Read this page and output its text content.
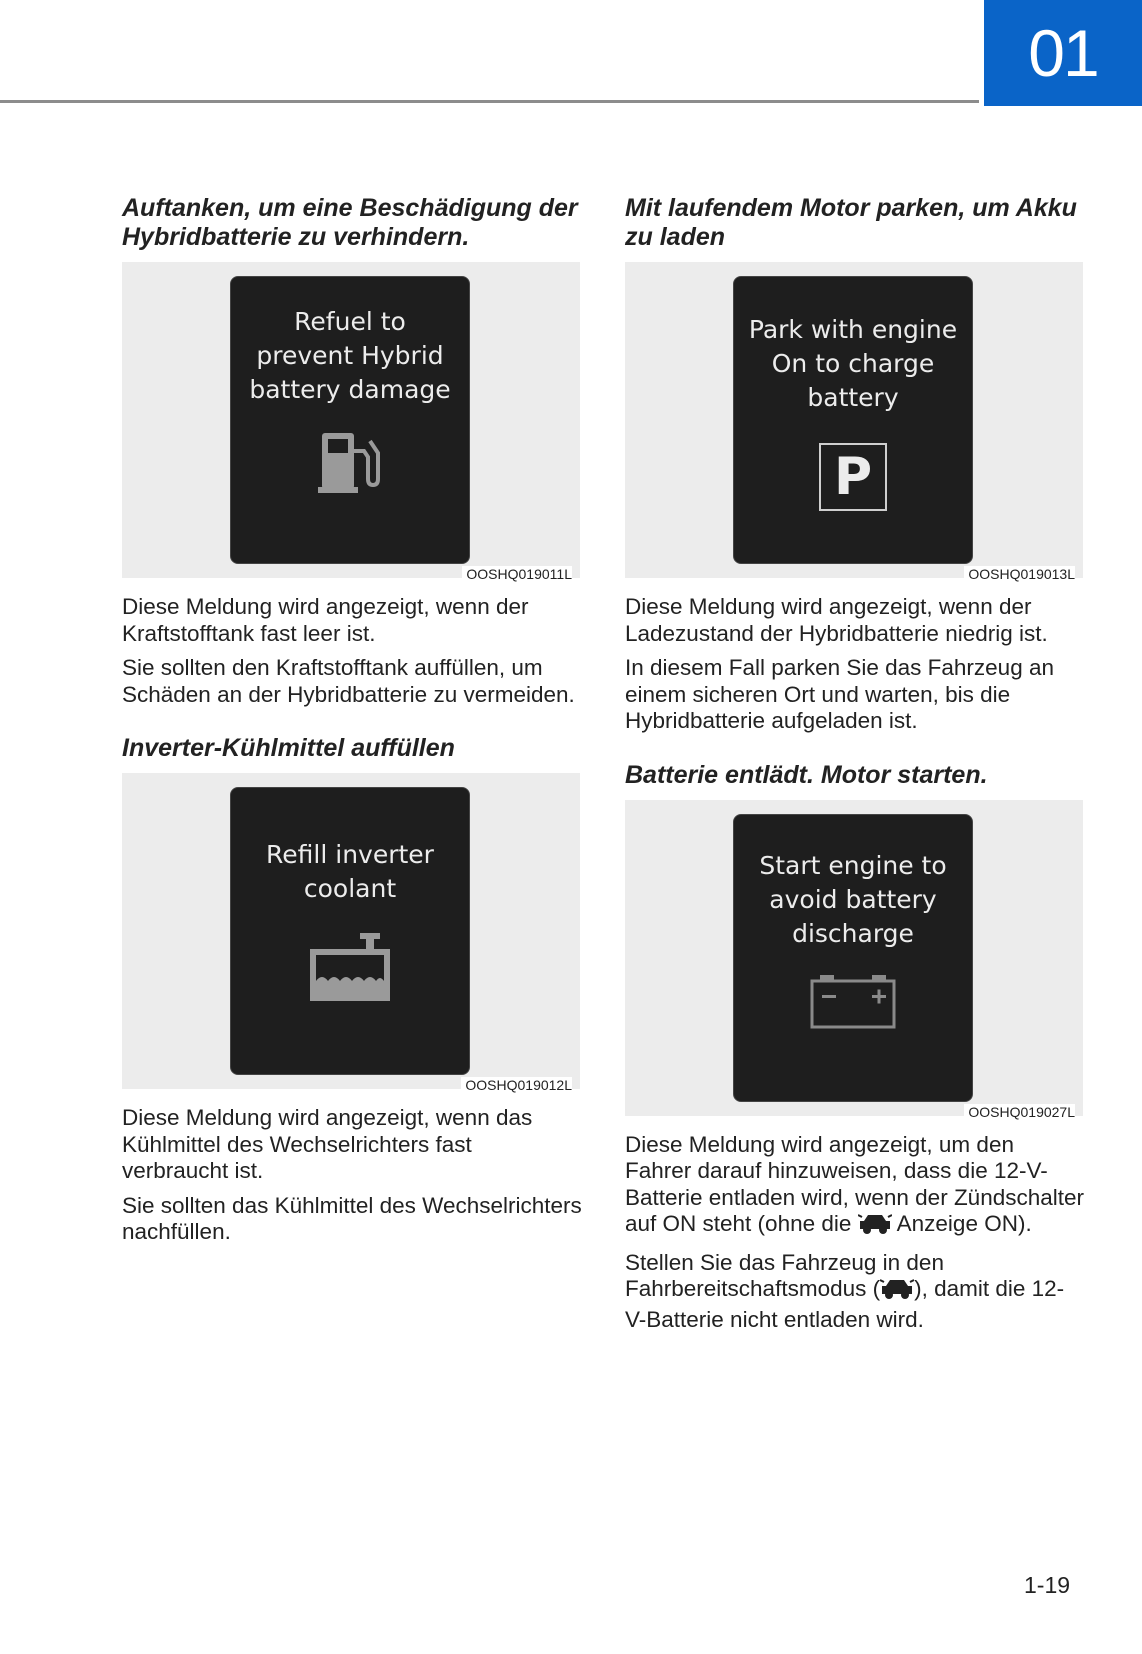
01
Auftanken, um eine Beschädigung der Hybridbatterie zu verhindern.
Refuel to
prevent Hybrid
battery damage
OOSHQ019011L

Diese Meldung wird angezeigt, wenn der Kraftstofftank fast leer ist.

Sie sollten den Kraftstofftank auffüllen, um Schäden an der Hybridbatterie zu vermeiden.

Inverter-Kühlmittel auffüllen
Refill inverter
coolant
OOSHQ019012L

Diese Meldung wird angezeigt, wenn das Kühlmittel des Wechselrichters fast verbraucht ist.

Sie sollten das Kühlmittel des Wechselrichters nachfüllen.

Mit laufendem Motor parken, um Akku zu laden
Park with engine
On to charge
battery
P
OOSHQ019013L

Diese Meldung wird angezeigt, wenn der Ladezustand der Hybridbatterie niedrig ist.

In diesem Fall parken Sie das Fahrzeug an einem sicheren Ort und warten, bis die Hybridbatterie aufgeladen ist.

Batterie entlädt. Motor starten.
Start engine to
avoid battery
discharge
OOSHQ019027L

Diese Meldung wird angezeigt, um den Fahrer darauf hinzuweisen, dass die 12-V-Batterie entladen wird, wenn der Zündschalter auf ON steht (ohne die  Anzeige ON).

Stellen Sie das Fahrzeug in den Fahrbereitschaftsmodus ( ), damit die 12-V-Batterie nicht entladen wird.

1-19
